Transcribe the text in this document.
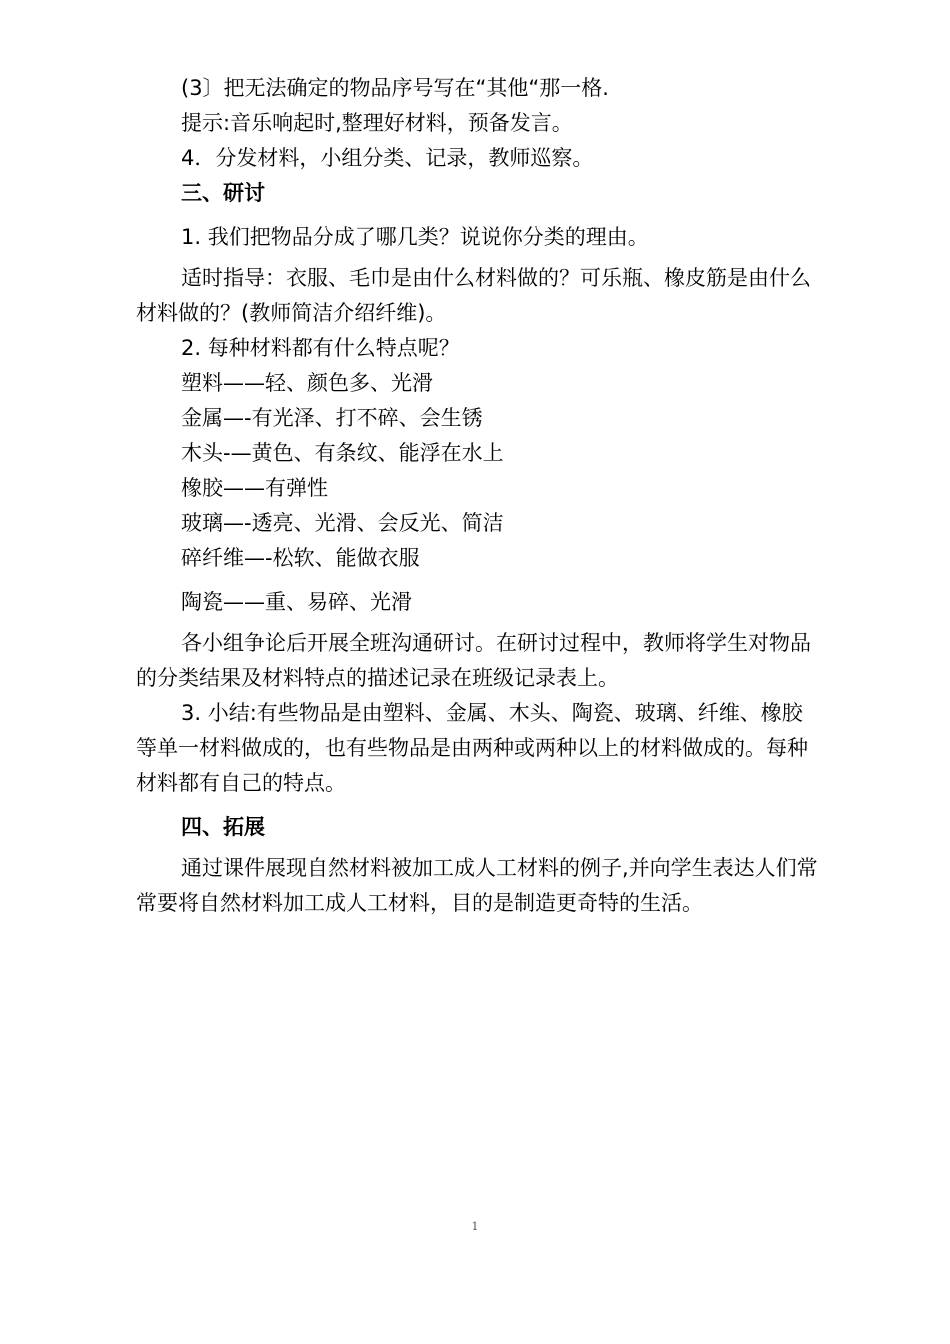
(3〕把无法确定的物品序号写在“其他“那一格.
提示:音乐响起时,整理好材料，预备发言。
4．分发材料，小组分类、记录，教师巡察。
三、研讨
1. 我们把物品分成了哪几类？说说你分类的理由。
适时指导：衣服、毛巾是由什么材料做的？可乐瓶、橡皮筋是由什么
材料做的？(教师简洁介绍纤维)。
2. 每种材料都有什么特点呢？
塑料——轻、颜色多、光滑
金属—-有光泽、打不碎、会生锈
木头-—黄色、有条纹、能浮在水上
橡胶——有弹性
玻璃—-透亮、光滑、会反光、简洁
碎纤维—-松软、能做衣服
陶瓷——重、易碎、光滑
各小组争论后开展全班沟通研讨。在研讨过程中，教师将学生对物品
的分类结果及材料特点的描述记录在班级记录表上。
3. 小结:有些物品是由塑料、金属、木头、陶瓷、玻璃、纤维、橡胶
等单一材料做成的，也有些物品是由两种或两种以上的材料做成的。每种
材料都有自己的特点。
四、拓展
通过课件展现自然材料被加工成人工材料的例子,并向学生表达人们常
常要将自然材料加工成人工材料，目的是制造更奇特的生活。
1
